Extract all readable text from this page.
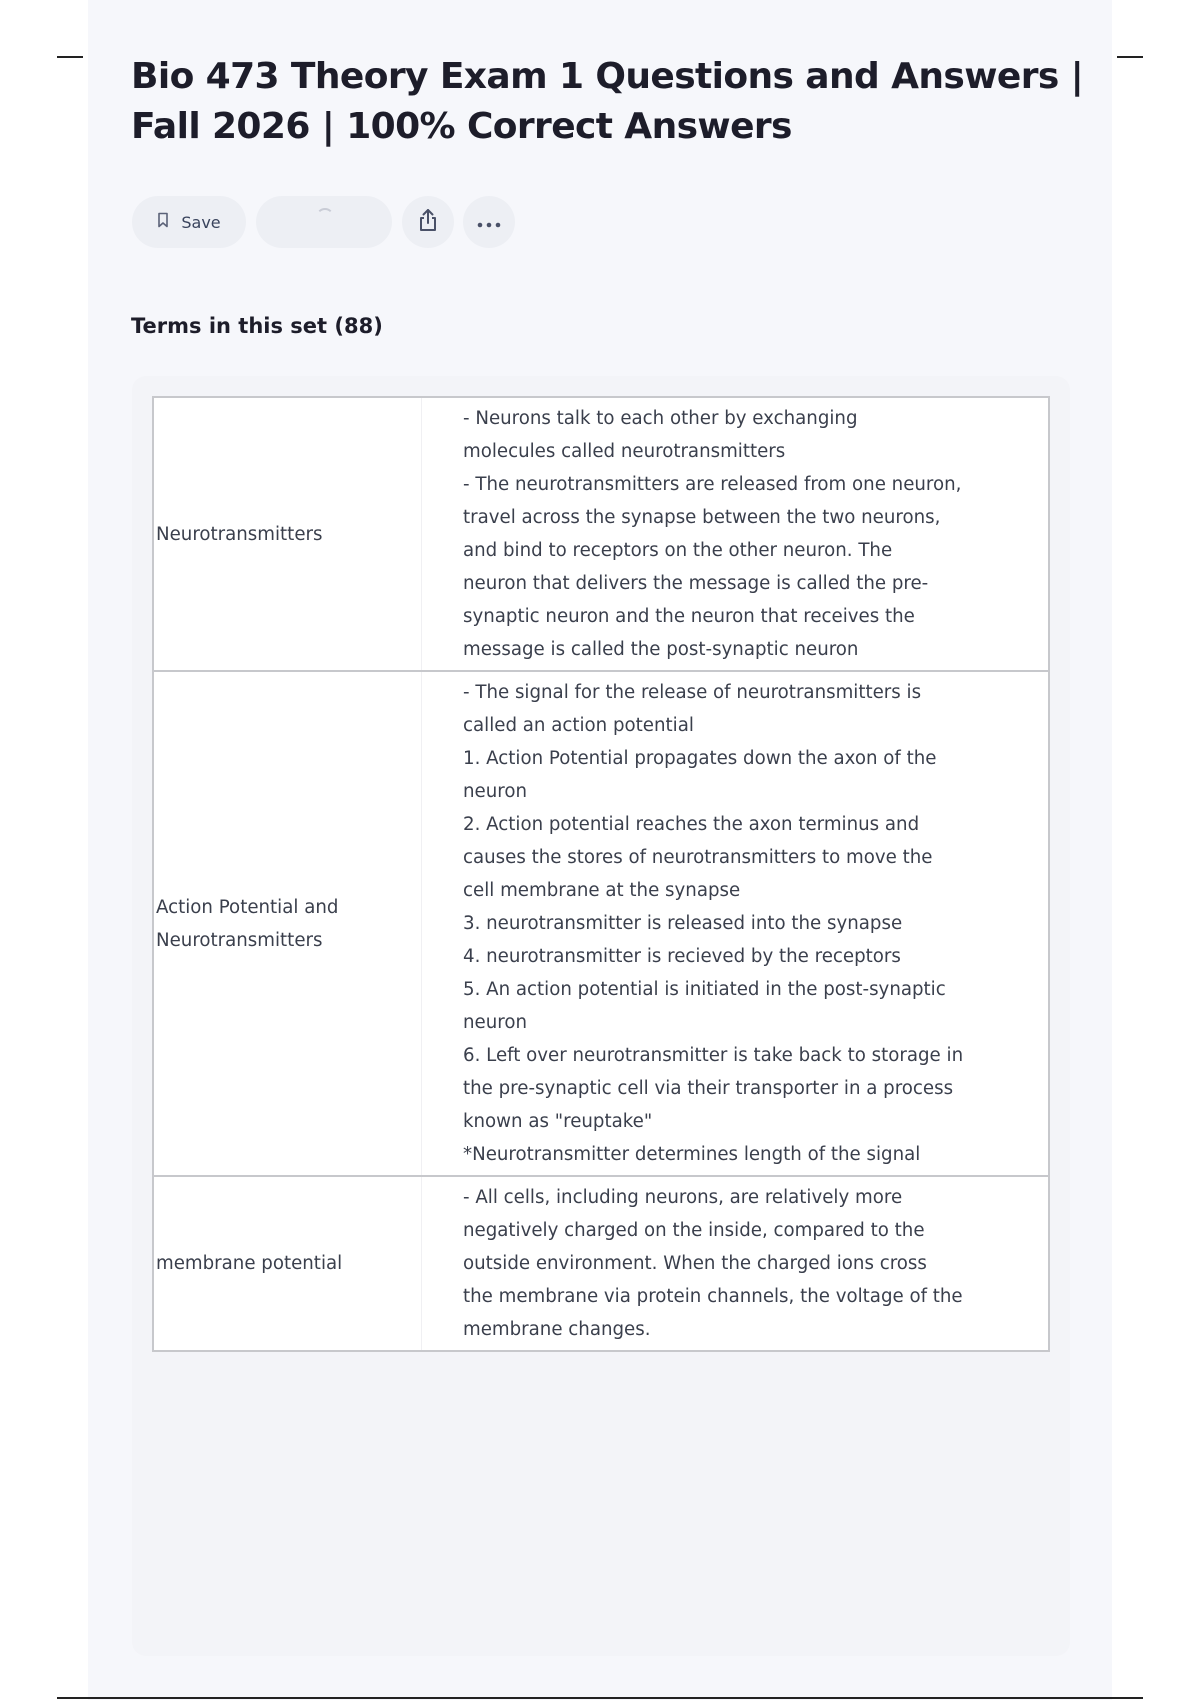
Bio 473 Theory Exam 1 Questions and Answers |
Fall 2026 | 100% Correct Answers
Save
Terms in this set (88)
Neurotransmitters
- Neurons talk to each other by exchanging
molecules called neurotransmitters
- The neurotransmitters are released from one neuron,
travel across the synapse between the two neurons,
and bind to receptors on the other neuron. The
neuron that delivers the message is called the pre-
synaptic neuron and the neuron that receives the
message is called the post-synaptic neuron
Action Potential and
Neurotransmitters
- The signal for the release of neurotransmitters is
called an action potential
1. Action Potential propagates down the axon of the
neuron
2. Action potential reaches the axon terminus and
causes the stores of neurotransmitters to move the
cell membrane at the synapse
3. neurotransmitter is released into the synapse
4. neurotransmitter is recieved by the receptors
5. An action potential is initiated in the post-synaptic
neuron
6. Left over neurotransmitter is take back to storage in
the pre-synaptic cell via their transporter in a process
known as "reuptake"
*Neurotransmitter determines length of the signal
membrane potential
- All cells, including neurons, are relatively more
negatively charged on the inside, compared to the
outside environment. When the charged ions cross
the membrane via protein channels, the voltage of the
membrane changes.
